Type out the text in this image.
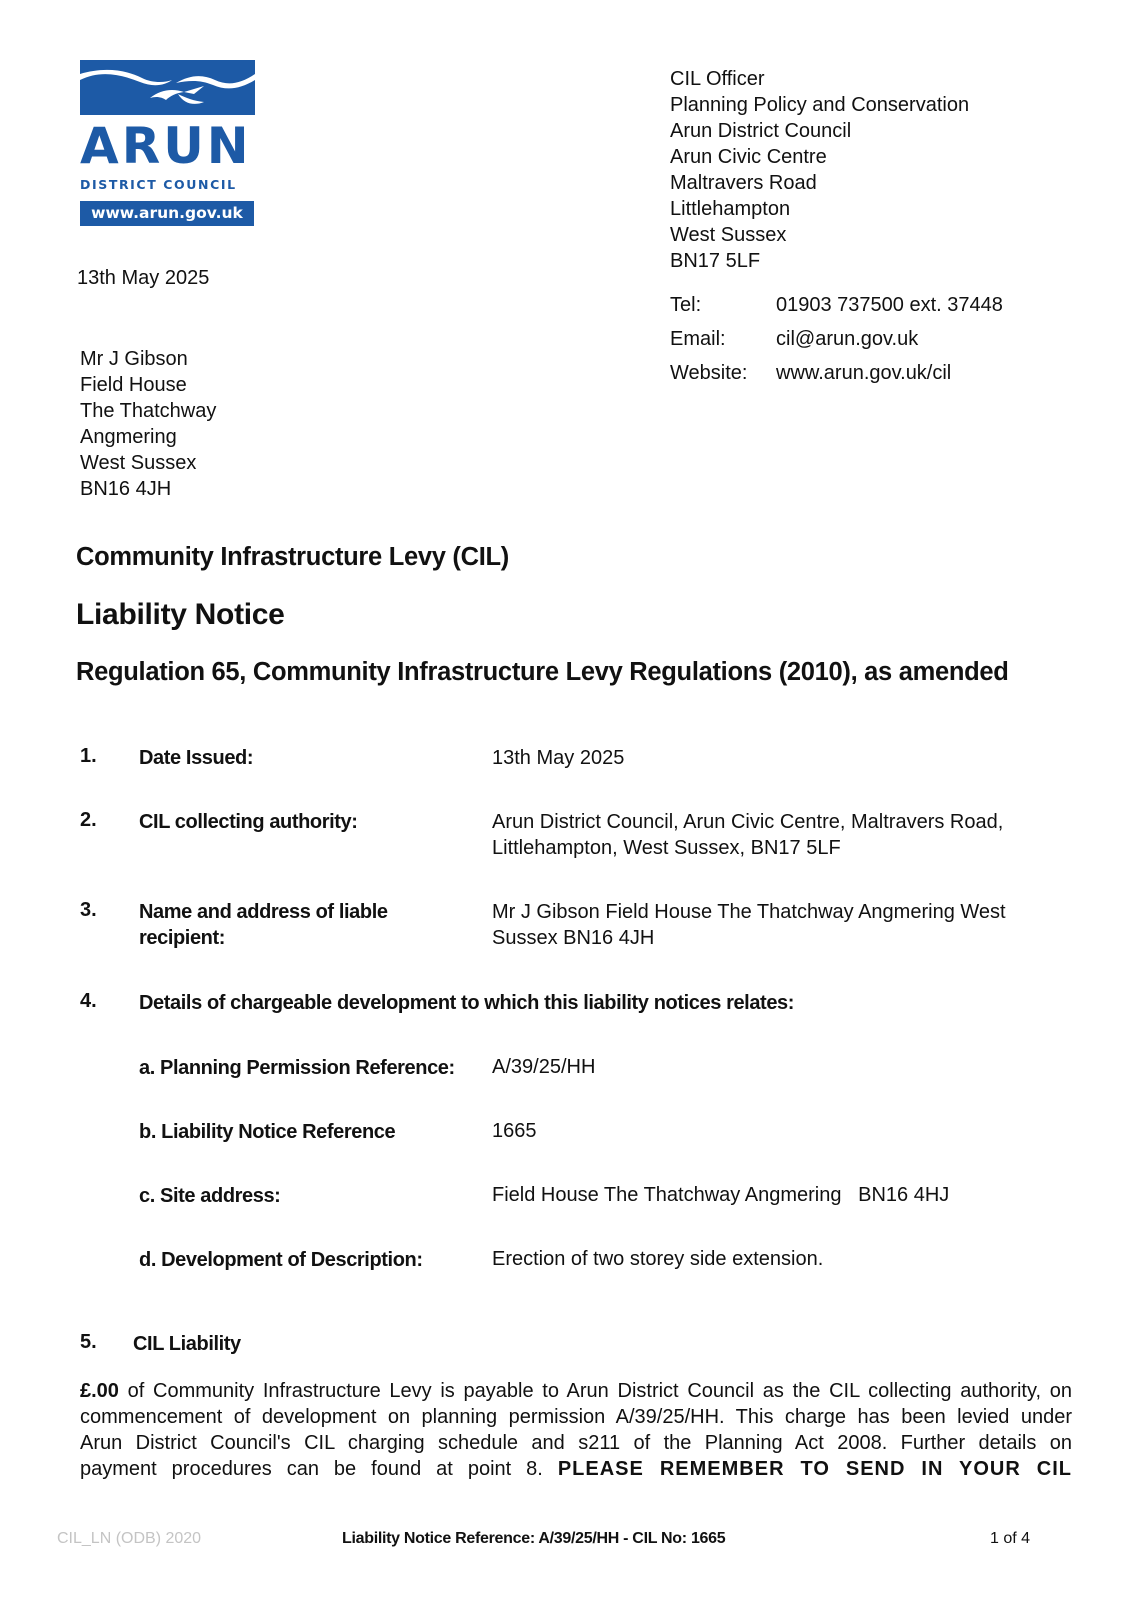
ARUN
DISTRICT COUNCIL
www.arun.gov.uk
CIL Officer
Planning Policy and Conservation
Arun District Council
Arun Civic Centre
Maltravers Road
Littlehampton
West Sussex
BN17 5LF
Tel:	01903 737500 ext. 37448
Email:	cil@arun.gov.uk
Website: www.arun.gov.uk/cil
13th May 2025
Mr J Gibson
Field House
The Thatchway
Angmering
West Sussex
BN16 4JH
Community Infrastructure Levy (CIL)
Liability Notice
Regulation 65, Community Infrastructure Levy Regulations (2010), as amended
1. Date Issued:	13th May 2025
2. CIL collecting authority:	Arun District Council, Arun Civic Centre, Maltravers Road,
Littlehampton, West Sussex, BN17 5LF
3. Name and address of liable
recipient:
Mr J Gibson Field House The Thatchway Angmering West
Sussex BN16 4JH
4. Details of chargeable development to which this liability notices relates:
a. Planning Permission Reference: A/39/25/HH
b. Liability Notice Reference	1665
c. Site address:	Field House The Thatchway Angmering   BN16 4HJ
d. Development of Description:	Erection of two storey side extension.
5. CIL Liability
£.00 of Community Infrastructure Levy is payable to Arun District Council as the CIL collecting authority, on
commencement of development on planning permission A/39/25/HH. This charge has been levied under
Arun District Council's CIL charging schedule and s211 of the Planning Act 2008. Further details on
payment procedures can be found at point 8. PLEASE REMEMBER TO SEND IN YOUR CIL
CIL_LN (ODB) 2020	Liability Notice Reference: A/39/25/HH - CIL No: 1665	1 of 4
